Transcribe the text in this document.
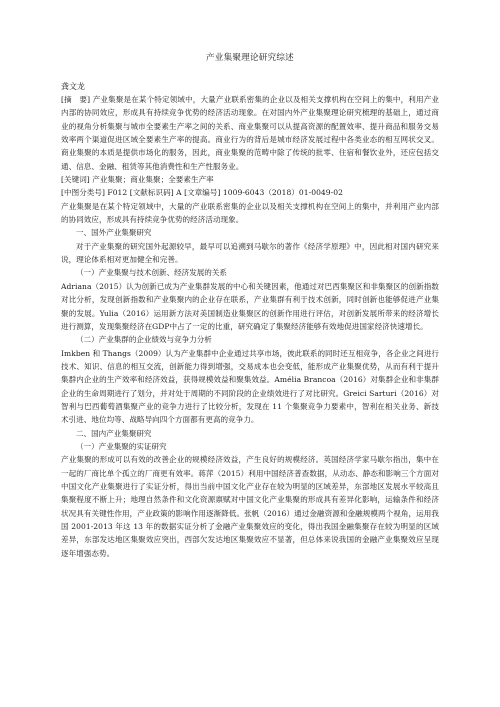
产业集聚理论研究综述

龚文龙

[摘　要] 产业集聚是在某个特定领域中，大量产业联系密集的企业以及相关支撑机构在空间上的集中，利用产业内部的协同效应，形成具有持续竞争优势的经济活动现象。在对国内外产业集聚理论研究梳理的基础上，通过商业的视角分析集聚与城市全要素生产率之间的关系、商业集聚可以从提高资源的配置效率、提升商品和服务交易效率两个渠道促进区域全要素生产率的提高。商业行为的背后是城市经济发展过程中各类业态的相互网状交叉。商业集聚的本质是提供市场化的服务，因此，商业集聚的范畴中除了传统的批零、住宿和餐饮业外，还应包括交通、信息、金融、租赁等其他消费性和生产性服务业。

[关键词] 产业集聚；商业集聚；全要素生产率

[中图分类号] F012 [文献标识码] A [文章编号] 1009-6043（2018）01-0049-02

产业集聚是在某个特定领域中，大量的产业联系密集的企业以及相关支撑机构在空间上的集中，并利用产业内部的协同效应，形成具有持续竞争优势的经济活动现象。

一、国外产业集聚研究

对于产业集聚的研究国外起源较早，最早可以追溯到马歇尔的著作《经济学原理》中，因此相对国内研究来说，理论体系相对更加健全和完善。

（一）产业集聚与技术创新、经济发展的关系

Adriana（2015）认为创新已成为产业集群发展的中心和关键因素，他通过对巴西集聚区和非集聚区的创新指数对比分析，发现创新指数和产业集聚内的企业存在联系，产业集群有利于技术创新，同时创新也能够促进产业集聚的发展。Yulia（2016）运用新方法对美国制造业集聚区的创新作用进行评估，对创新发展所带来的经济增长进行测算，发现集聚经济在GDP中占了一定的比重，研究确定了集聚经济能够有效地促进国家经济快速增长。

（二）产业集群的企业绩效与竞争力分析

Imkben 和 Thangs（2009）认为产业集群中企业通过共享市场，彼此联系的同时还互相竞争，各企业之间进行技术、知识、信息的相互交流，创新能力得到增强，交易成本也会变低，能形成产业集聚优势，从而有利于提升集群内企业的生产效率和经济效益，获得规模效益和聚集效益。Amélia Brancoa（2016）对集群企业和非集群企业的生命周期进行了划分，并对处于周期的不同阶段的企业绩效进行了对比研究。Greici Sarturi（2016）对智利与巴西葡萄酒集聚产业的竞争力进行了比较分析，发现在 11 个集聚竞争力要素中，智利在相关业务、新技术引进、地位均等、战略导向四个方面都有更高的竞争力。

二、国内产业集聚研究

（一）产业集聚的实证研究

产业集聚的形成可以有效的改善企业的规模经济效益，产生良好的规模经济。英国经济学家马歇尔指出，集中在一起的厂商比单个孤立的厂商更有效率。蒋萍（2015）利用中国经济普查数据，从动态、静态和影响三个方面对中国文化产业集聚进行了实证分析，得出当前中国文化产业存在较为明显的区域差异，东部地区发展水平较高且集聚程度不断上升；地理自然条件和文化资源禀赋对中国文化产业集聚的形成具有差异化影响，运输条件和经济状况具有关键性作用，产业政策的影响作用逐渐降低。张帆（2016）通过金融资源和金融规模两个视角，运用我国 2001-2013 年这 13 年的数据实证分析了金融产业集聚效应的变化，得出我国金融集聚存在较为明显的区域差异，东部发达地区集聚效应突出，西部欠发达地区集聚效应不显著，但总体来说我国的金融产业集聚效应呈现逐年增强态势。
